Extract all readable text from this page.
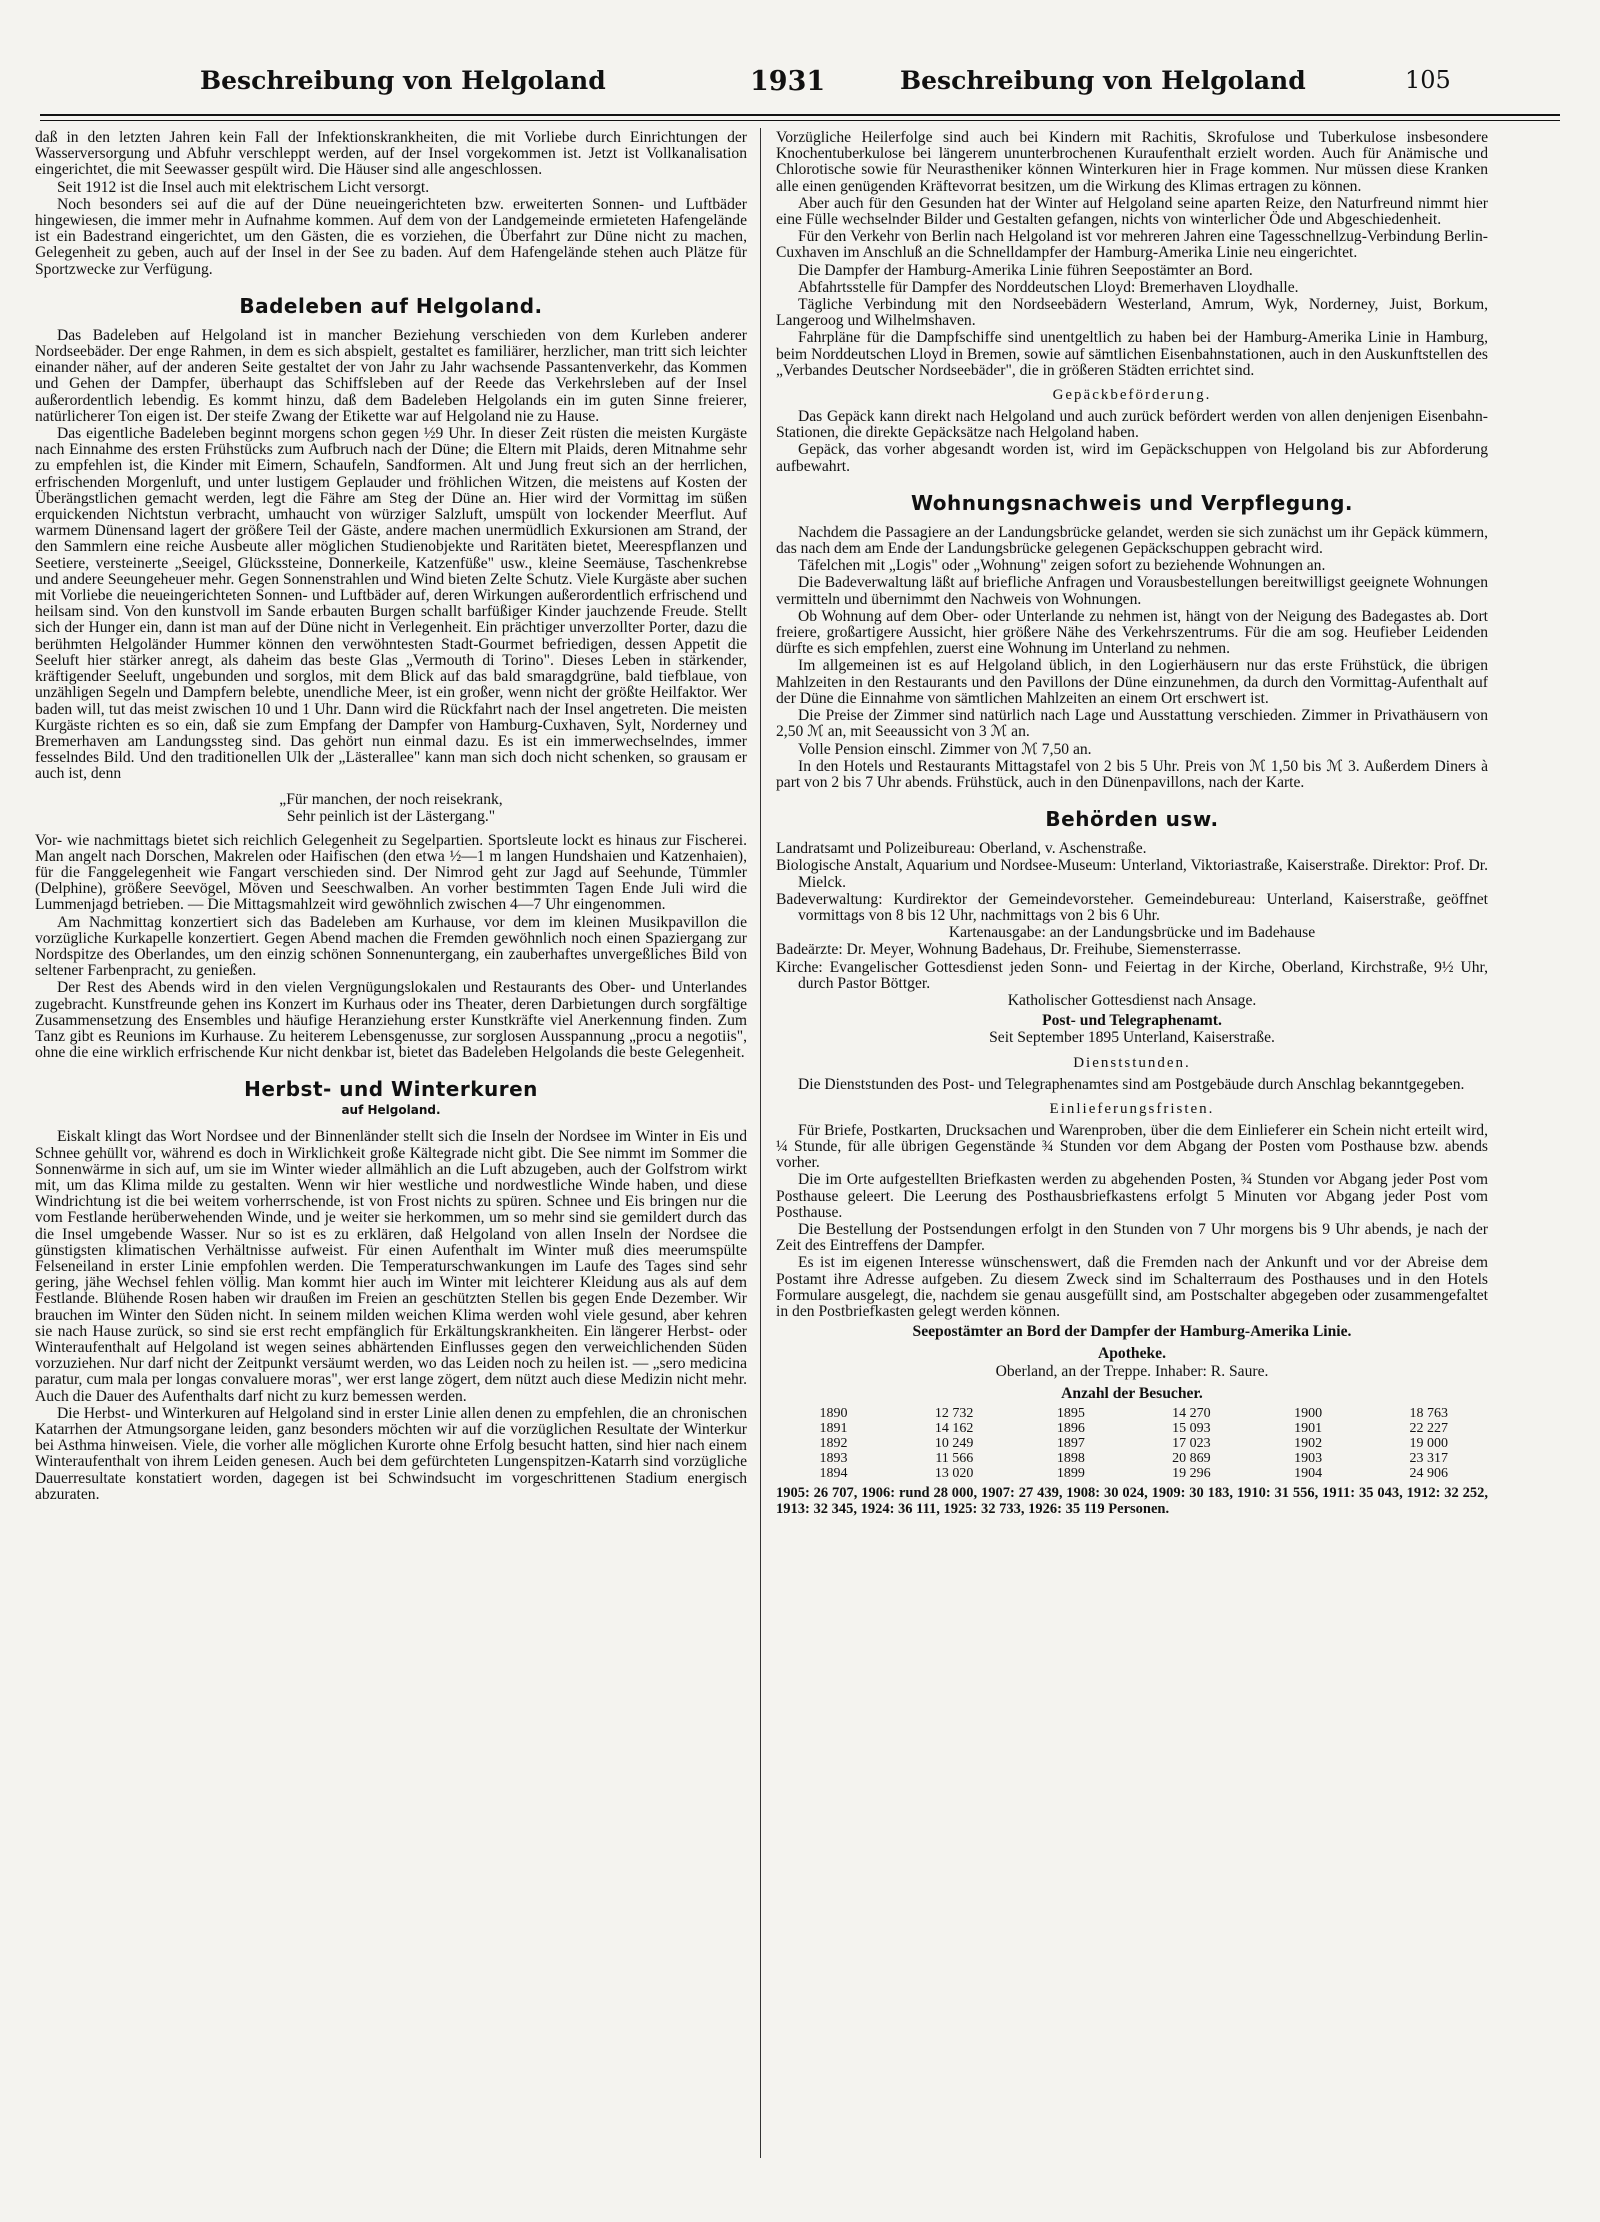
Beschreibung von Helgoland	1931	Beschreibung von Helgoland	105

daß in den letzten Jahren kein Fall der Infektionskrankheiten, die mit Vorliebe durch Einrichtungen der Wasserversorgung und Abfuhr verschleppt werden, auf der Insel vorgekommen ist. Jetzt ist Vollkanalisation eingerichtet, die mit Seewasser gespült wird. Die Häuser sind alle angeschlossen.

Seit 1912 ist die Insel auch mit elektrischem Licht versorgt.

Noch besonders sei auf die auf der Düne neueingerichteten bzw. erweiterten Sonnen- und Luftbäder hingewiesen, die immer mehr in Aufnahme kommen. Auf dem von der Landgemeinde ermieteten Hafengelände ist ein Badestrand eingerichtet, um den Gästen, die es vorziehen, die Überfahrt zur Düne nicht zu machen, Gelegenheit zu geben, auch auf der Insel in der See zu baden. Auf dem Hafengelände stehen auch Plätze für Sportzwecke zur Verfügung.

Badeleben auf Helgoland.

Das Badeleben auf Helgoland ist in mancher Beziehung verschieden von dem Kurleben anderer Nordseebäder. Der enge Rahmen, in dem es sich abspielt, gestaltet es familiärer, herzlicher, man tritt sich leichter einander näher, auf der anderen Seite gestaltet der von Jahr zu Jahr wachsende Passantenverkehr, das Kommen und Gehen der Dampfer, überhaupt das Schiffsleben auf der Reede das Verkehrsleben auf der Insel außerordentlich lebendig. Es kommt hinzu, daß dem Badeleben Helgolands ein im guten Sinne freierer, natürlicherer Ton eigen ist. Der steife Zwang der Etikette war auf Helgoland nie zu Hause.

Das eigentliche Badeleben beginnt morgens schon gegen ½9 Uhr. In dieser Zeit rüsten die meisten Kurgäste nach Einnahme des ersten Frühstücks zum Aufbruch nach der Düne; die Eltern mit Plaids, deren Mitnahme sehr zu empfehlen ist, die Kinder mit Eimern, Schaufeln, Sandformen. Alt und Jung freut sich an der herrlichen, erfrischenden Morgenluft, und unter lustigem Geplauder und fröhlichen Witzen, die meistens auf Kosten der Überängstlichen gemacht werden, legt die Fähre am Steg der Düne an. Hier wird der Vormittag im süßen erquickenden Nichtstun verbracht, umhaucht von würziger Salzluft, umspült von lockender Meerflut. Auf warmem Dünensand lagert der größere Teil der Gäste, andere machen unermüdlich Exkursionen am Strand, der den Sammlern eine reiche Ausbeute aller möglichen Studienobjekte und Raritäten bietet, Meerespflanzen und Seetiere, versteinerte „Seeigel, Glückssteine, Donnerkeile, Katzenfüße" usw., kleine Seemäuse, Taschenkrebse und andere Seeungeheuer mehr. Gegen Sonnenstrahlen und Wind bieten Zelte Schutz. Viele Kurgäste aber suchen mit Vorliebe die neueingerichteten Sonnen- und Luftbäder auf, deren Wirkungen außerordentlich erfrischend und heilsam sind. Von den kunstvoll im Sande erbauten Burgen schallt barfüßiger Kinder jauchzende Freude. Stellt sich der Hunger ein, dann ist man auf der Düne nicht in Verlegenheit. Ein prächtiger unverzollter Porter, dazu die berühmten Helgoländer Hummer können den verwöhntesten Stadt-Gourmet befriedigen, dessen Appetit die Seeluft hier stärker anregt, als daheim das beste Glas „Vermouth di Torino". Dieses Leben in stärkender, kräftigender Seeluft, ungebunden und sorglos, mit dem Blick auf das bald smaragdgrüne, bald tiefblaue, von unzähligen Segeln und Dampfern belebte, unendliche Meer, ist ein großer, wenn nicht der größte Heilfaktor. Wer baden will, tut das meist zwischen 10 und 1 Uhr. Dann wird die Rückfahrt nach der Insel angetreten. Die meisten Kurgäste richten es so ein, daß sie zum Empfang der Dampfer von Hamburg-Cuxhaven, Sylt, Norderney und Bremerhaven am Landungssteg sind. Das gehört nun einmal dazu. Es ist ein immerwechselndes, immer fesselndes Bild. Und den traditionellen Ulk der „Lästerallee" kann man sich doch nicht schenken, so grausam er auch ist, denn

„Für manchen, der noch reisekrank,
Sehr peinlich ist der Lästergang."

Vor- wie nachmittags bietet sich reichlich Gelegenheit zu Segelpartien. Sportsleute lockt es hinaus zur Fischerei. Man angelt nach Dorschen, Makrelen oder Haifischen (den etwa ½—1 m langen Hundshaien und Katzenhaien), für die Fanggelegenheit wie Fangart verschieden sind. Der Nimrod geht zur Jagd auf Seehunde, Tümmler (Delphine), größere Seevögel, Möven und Seeschwalben. An vorher bestimmten Tagen Ende Juli wird die Lummenjagd betrieben. — Die Mittagsmahlzeit wird gewöhnlich zwischen 4—7 Uhr eingenommen.

Am Nachmittag konzertiert sich das Badeleben am Kurhause, vor dem im kleinen Musikpavillon die vorzügliche Kurkapelle konzertiert. Gegen Abend machen die Fremden gewöhnlich noch einen Spaziergang zur Nordspitze des Oberlandes, um den einzig schönen Sonnenuntergang, ein zauberhaftes unvergeßliches Bild von seltener Farbenpracht, zu genießen.

Der Rest des Abends wird in den vielen Vergnügungslokalen und Restaurants des Ober- und Unterlandes zugebracht. Kunstfreunde gehen ins Konzert im Kurhaus oder ins Theater, deren Darbietungen durch sorgfältige Zusammensetzung des Ensembles und häufige Heranziehung erster Kunstkräfte viel Anerkennung finden. Zum Tanz gibt es Reunions im Kurhause. Zu heiterem Lebensgenusse, zur sorglosen Ausspannung „procu a negotiis", ohne die eine wirklich erfrischende Kur nicht denkbar ist, bietet das Badeleben Helgolands die beste Gelegenheit.

Herbst- und Winterkuren
auf Helgoland.

Eiskalt klingt das Wort Nordsee und der Binnenländer stellt sich die Inseln der Nordsee im Winter in Eis und Schnee gehüllt vor, während es doch in Wirklichkeit große Kältegrade nicht gibt. Die See nimmt im Sommer die Sonnenwärme in sich auf, um sie im Winter wieder allmählich an die Luft abzugeben, auch der Golfstrom wirkt mit, um das Klima milde zu gestalten. Wenn wir hier westliche und nordwestliche Winde haben, und diese Windrichtung ist die bei weitem vorherrschende, ist von Frost nichts zu spüren. Schnee und Eis bringen nur die vom Festlande herüberwehenden Winde, und je weiter sie herkommen, um so mehr sind sie gemildert durch das die Insel umgebende Wasser. Nur so ist es zu erklären, daß Helgoland von allen Inseln der Nordsee die günstigsten klimatischen Verhältnisse aufweist. Für einen Aufenthalt im Winter muß dies meerumspülte Felseneiland in erster Linie empfohlen werden. Die Temperaturschwankungen im Laufe des Tages sind sehr gering, jähe Wechsel fehlen völlig. Man kommt hier auch im Winter mit leichterer Kleidung aus als auf dem Festlande. Blühende Rosen haben wir draußen im Freien an geschützten Stellen bis gegen Ende Dezember. Wir brauchen im Winter den Süden nicht. In seinem milden weichen Klima werden wohl viele gesund, aber kehren sie nach Hause zurück, so sind sie erst recht empfänglich für Erkältungskrankheiten. Ein längerer Herbst- oder Winteraufenthalt auf Helgoland ist wegen seines abhärtenden Einflusses gegen den verweichlichenden Süden vorzuziehen. Nur darf nicht der Zeitpunkt versäumt werden, wo das Leiden noch zu heilen ist. — „sero medicina paratur, cum mala per longas convaluere moras", wer erst lange zögert, dem nützt auch diese Medizin nicht mehr. Auch die Dauer des Aufenthalts darf nicht zu kurz bemessen werden.

Die Herbst- und Winterkuren auf Helgoland sind in erster Linie allen denen zu empfehlen, die an chronischen Katarrhen der Atmungsorgane leiden, ganz besonders möchten wir auf die vorzüglichen Resultate der Winterkur bei Asthma hinweisen. Viele, die vorher alle möglichen Kurorte ohne Erfolg besucht hatten, sind hier nach einem Winteraufenthalt von ihrem Leiden genesen. Auch bei dem gefürchteten Lungenspitzen-Katarrh sind vorzügliche Dauerresultate konstatiert worden, dagegen ist bei Schwindsucht im vorgeschrittenen Stadium energisch abzuraten.

Vorzügliche Heilerfolge sind auch bei Kindern mit Rachitis, Skrofulose und Tuberkulose insbesondere Knochentuberkulose bei längerem ununterbrochenen Kuraufenthalt erzielt worden. Auch für Anämische und Chlorotische sowie für Neurastheniker können Winterkuren hier in Frage kommen. Nur müssen diese Kranken alle einen genügenden Kräftevorrat besitzen, um die Wirkung des Klimas ertragen zu können.

Aber auch für den Gesunden hat der Winter auf Helgoland seine aparten Reize, den Naturfreund nimmt hier eine Fülle wechselnder Bilder und Gestalten gefangen, nichts von winterlicher Öde und Abgeschiedenheit.

Für den Verkehr von Berlin nach Helgoland ist vor mehreren Jahren eine Tagesschnellzug-Verbindung Berlin-Cuxhaven im Anschluß an die Schnelldampfer der Hamburg-Amerika Linie neu eingerichtet.

Die Dampfer der Hamburg-Amerika Linie führen Seepostämter an Bord.

Abfahrtsstelle für Dampfer des Norddeutschen Lloyd: Bremerhaven Lloydhalle.

Tägliche Verbindung mit den Nordseebädern Westerland, Amrum, Wyk, Norderney, Juist, Borkum, Langeroog und Wilhelmshaven.

Fahrpläne für die Dampfschiffe sind unentgeltlich zu haben bei der Hamburg-Amerika Linie in Hamburg, beim Norddeutschen Lloyd in Bremen, sowie auf sämtlichen Eisenbahnstationen, auch in den Auskunftstellen des „Verbandes Deutscher Nordseebäder", die in größeren Städten errichtet sind.

Gepäckbeförderung.

Das Gepäck kann direkt nach Helgoland und auch zurück befördert werden von allen denjenigen Eisenbahn-Stationen, die direkte Gepäcksätze nach Helgoland haben.

Gepäck, das vorher abgesandt worden ist, wird im Gepäckschuppen von Helgoland bis zur Abforderung aufbewahrt.

Wohnungsnachweis und Verpflegung.

Nachdem die Passagiere an der Landungsbrücke gelandet, werden sie sich zunächst um ihr Gepäck kümmern, das nach dem am Ende der Landungsbrücke gelegenen Gepäckschuppen gebracht wird.

Täfelchen mit „Logis" oder „Wohnung" zeigen sofort zu beziehende Wohnungen an.

Die Badeverwaltung läßt auf briefliche Anfragen und Vorausbestellungen bereitwilligst geeignete Wohnungen vermitteln und übernimmt den Nachweis von Wohnungen.

Ob Wohnung auf dem Ober- oder Unterlande zu nehmen ist, hängt von der Neigung des Badegastes ab. Dort freiere, großartigere Aussicht, hier größere Nähe des Verkehrszentrums. Für die am sog. Heufieber Leidenden dürfte es sich empfehlen, zuerst eine Wohnung im Unterland zu nehmen.

Im allgemeinen ist es auf Helgoland üblich, in den Logierhäusern nur das erste Frühstück, die übrigen Mahlzeiten in den Restaurants und den Pavillons der Düne einzunehmen, da durch den Vormittag-Aufenthalt auf der Düne die Einnahme von sämtlichen Mahlzeiten an einem Ort erschwert ist.

Die Preise der Zimmer sind natürlich nach Lage und Ausstattung verschieden. Zimmer in Privathäusern von 2,50 ℳ an, mit Seeaussicht von 3 ℳ an.

Volle Pension einschl. Zimmer von ℳ 7,50 an.

In den Hotels und Restaurants Mittagstafel von 2 bis 5 Uhr. Preis von ℳ 1,50 bis ℳ 3. Außerdem Diners à part von 2 bis 7 Uhr abends. Frühstück, auch in den Dünenpavillons, nach der Karte.

Behörden usw.

Landratsamt und Polizeibureau: Oberland, v. Aschenstraße.

Biologische Anstalt, Aquarium und Nordsee-Museum: Unterland, Viktoriastraße, Kaiserstraße. Direktor: Prof. Dr. Mielck.

Badeverwaltung: Kurdirektor der Gemeindevorsteher. Gemeindebureau: Unterland, Kaiserstraße, geöffnet vormittags von 8 bis 12 Uhr, nachmittags von 2 bis 6 Uhr.

Kartenausgabe: an der Landungsbrücke und im Badehause

Badeärzte: Dr. Meyer, Wohnung Badehaus, Dr. Freihube, Siemensterrasse.

Kirche: Evangelischer Gottesdienst jeden Sonn- und Feiertag in der Kirche, Oberland, Kirchstraße, 9½ Uhr, durch Pastor Böttger.

Katholischer Gottesdienst nach Ansage.

Post- und Telegraphenamt.

Seit September 1895 Unterland, Kaiserstraße.

Dienststunden.

Die Dienststunden des Post- und Telegraphenamtes sind am Postgebäude durch Anschlag bekanntgegeben.

Einlieferungsfristen.

Für Briefe, Postkarten, Drucksachen und Warenproben, über die dem Einlieferer ein Schein nicht erteilt wird, ¼ Stunde, für alle übrigen Gegenstände ¾ Stunden vor dem Abgang der Posten vom Posthause bzw. abends vorher.

Die im Orte aufgestellten Briefkasten werden zu abgehenden Posten, ¾ Stunden vor Abgang jeder Post vom Posthause geleert. Die Leerung des Posthausbriefkastens erfolgt 5 Minuten vor Abgang jeder Post vom Posthause.

Die Bestellung der Postsendungen erfolgt in den Stunden von 7 Uhr morgens bis 9 Uhr abends, je nach der Zeit des Eintreffens der Dampfer.

Es ist im eigenen Interesse wünschenswert, daß die Fremden nach der Ankunft und vor der Abreise dem Postamt ihre Adresse aufgeben. Zu diesem Zweck sind im Schalterraum des Posthauses und in den Hotels Formulare ausgelegt, die, nachdem sie genau ausgefüllt sind, am Postschalter abgegeben oder zusammengefaltet in den Postbriefkasten gelegt werden können.

Seepostämter an Bord der Dampfer der Hamburg-Amerika Linie.

Apotheke.

Oberland, an der Treppe. Inhaber: R. Saure.

Anzahl der Besucher.

1890	12 732	1895	14 270	1900	18 763
1891	14 162	1896	15 093	1901	22 227
1892	10 249	1897	17 023	1902	19 000
1893	11 566	1898	20 869	1903	23 317
1894	13 020	1899	19 296	1904	24 906

1905: 26 707, 1906: rund 28 000, 1907: 27 439, 1908: 30 024, 1909: 30 183, 1910: 31 556, 1911: 35 043, 1912: 32 252, 1913: 32 345, 1924: 36 111, 1925: 32 733, 1926: 35 119 Personen.
